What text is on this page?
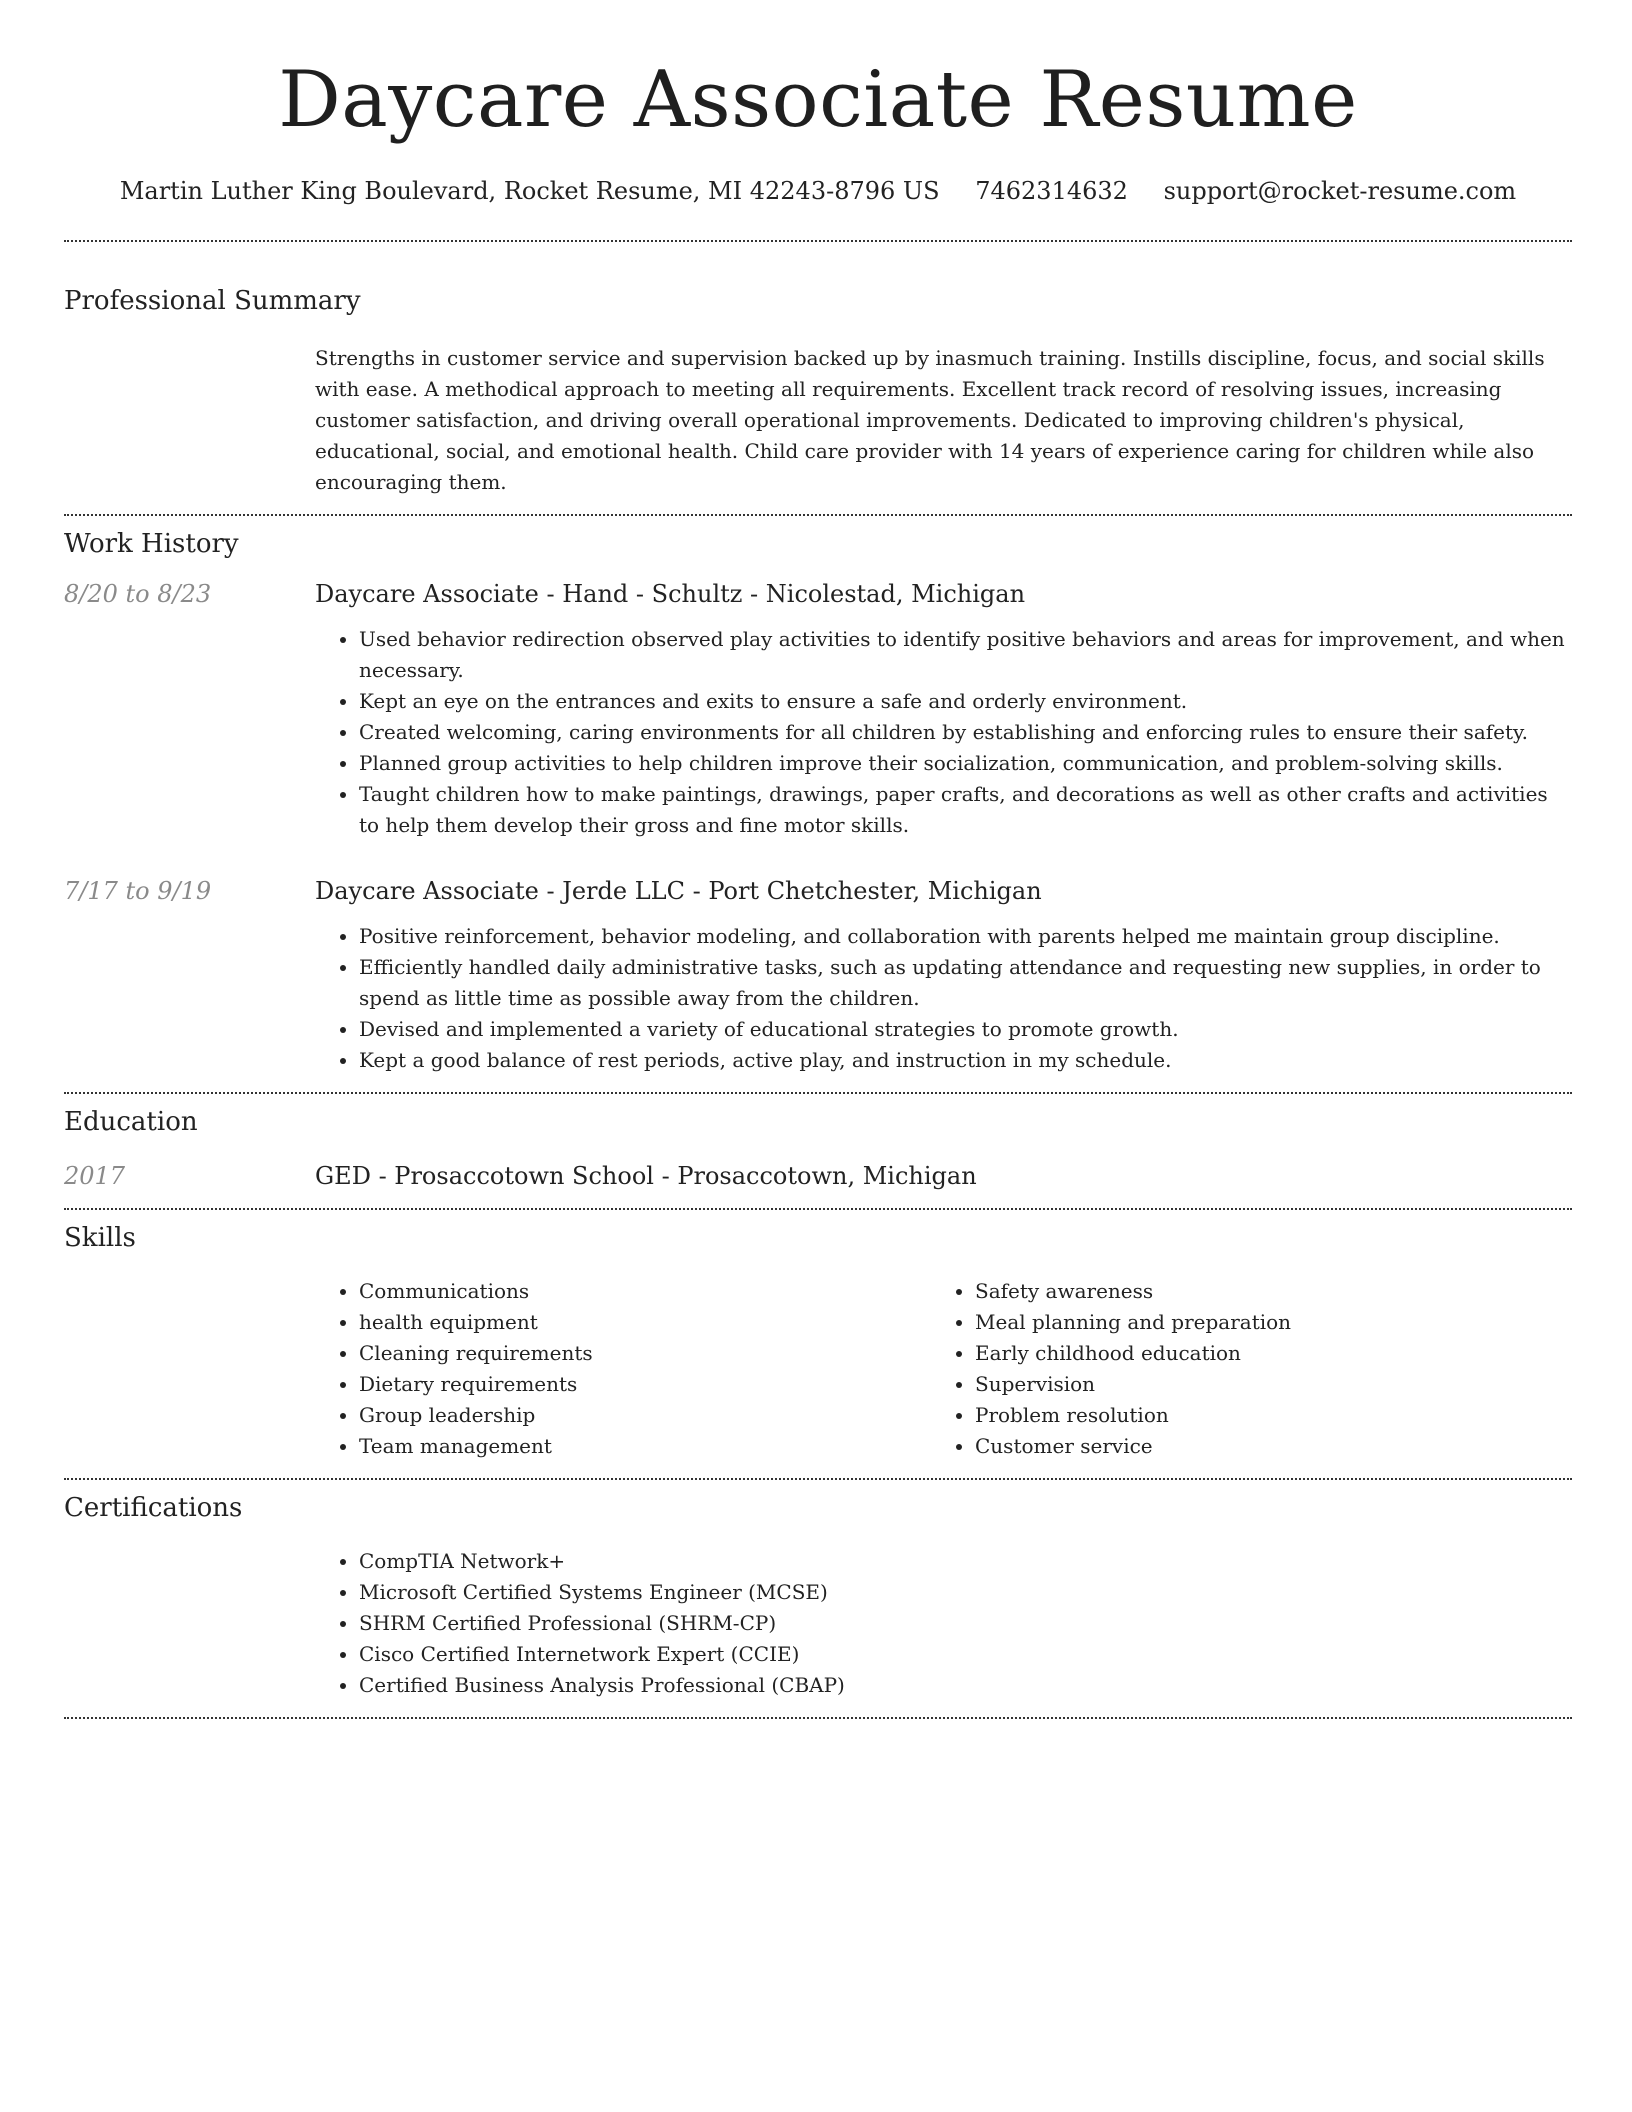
Daycare Associate Resume
Martin Luther King Boulevard, Rocket Resume, MI 42243-8796 US 7462314632 support@rocket-resume.com
Professional Summary
Strengths in customer service and supervision backed up by inasmuch training. Instills discipline, focus, and social skills with ease. A methodical approach to meeting all requirements. Excellent track record of resolving issues, increasing customer satisfaction, and driving overall operational improvements. Dedicated to improving children's physical, educational, social, and emotional health. Child care provider with 14 years of experience caring for children while also encouraging them.
Work History
8/20 to 8/23	Daycare Associate - Hand - Schultz - Nicolestad, Michigan
• Used behavior redirection observed play activities to identify positive behaviors and areas for improvement, and when necessary.
• Kept an eye on the entrances and exits to ensure a safe and orderly environment.
• Created welcoming, caring environments for all children by establishing and enforcing rules to ensure their safety.
• Planned group activities to help children improve their socialization, communication, and problem-solving skills.
• Taught children how to make paintings, drawings, paper crafts, and decorations as well as other crafts and activities to help them develop their gross and fine motor skills.
7/17 to 9/19	Daycare Associate - Jerde LLC - Port Chetchester, Michigan
• Positive reinforcement, behavior modeling, and collaboration with parents helped me maintain group discipline.
• Efficiently handled daily administrative tasks, such as updating attendance and requesting new supplies, in order to spend as little time as possible away from the children.
• Devised and implemented a variety of educational strategies to promote growth.
• Kept a good balance of rest periods, active play, and instruction in my schedule.
Education
2017	GED - Prosaccotown School - Prosaccotown, Michigan
Skills
• Communications
• health equipment
• Cleaning requirements
• Dietary requirements
• Group leadership
• Team management
• Safety awareness
• Meal planning and preparation
• Early childhood education
• Supervision
• Problem resolution
• Customer service
Certifications
• CompTIA Network+
• Microsoft Certified Systems Engineer (MCSE)
• SHRM Certified Professional (SHRM-CP)
• Cisco Certified Internetwork Expert (CCIE)
• Certified Business Analysis Professional (CBAP)
